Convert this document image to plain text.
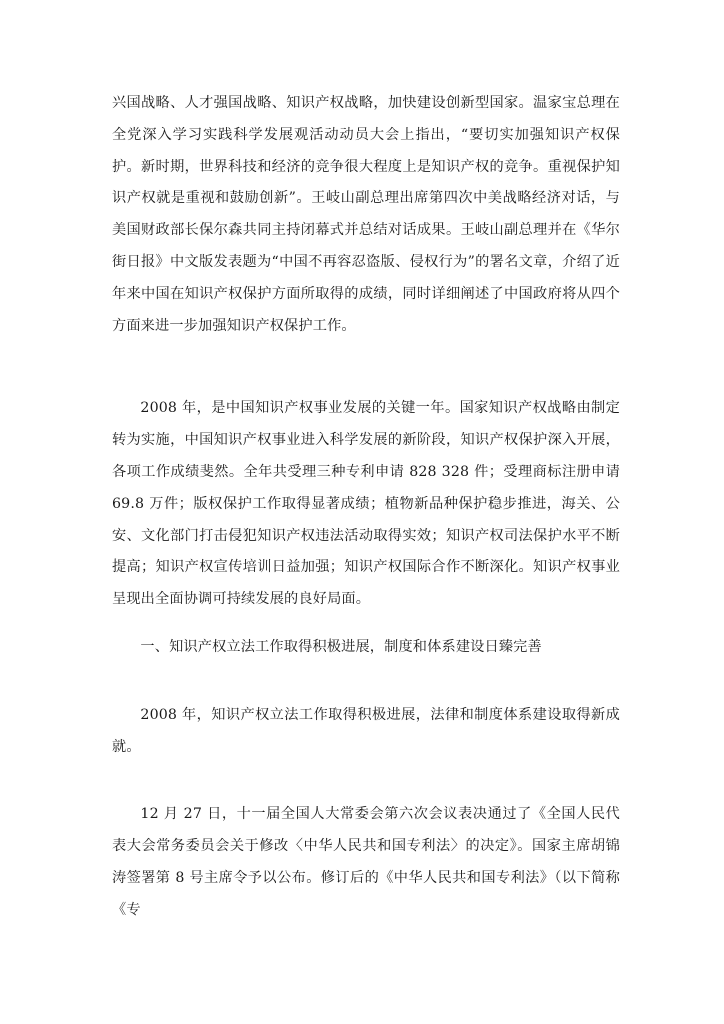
兴国战略、人才强国战略、知识产权战略，加快建设创新型国家。温家宝总理在全党深入学习实践科学发展观活动动员大会上指出，“要切实加强知识产权保护。新时期，世界科技和经济的竞争很大程度上是知识产权的竞争。重视保护知识产权就是重视和鼓励创新”。王岐山副总理出席第四次中美战略经济对话，与美国财政部长保尔森共同主持闭幕式并总结对话成果。王岐山副总理并在《华尔街日报》中文版发表题为“中国不再容忍盗版、侵权行为”的署名文章，介绍了近年来中国在知识产权保护方面所取得的成绩，同时详细阐述了中国政府将从四个方面来进一步加强知识产权保护工作。

2008 年，是中国知识产权事业发展的关键一年。国家知识产权战略由制定转为实施，中国知识产权事业进入科学发展的新阶段，知识产权保护深入开展，各项工作成绩斐然。全年共受理三种专利申请 828 328 件；受理商标注册申请 69.8 万件；版权保护工作取得显著成绩；植物新品种保护稳步推进，海关、公安、文化部门打击侵犯知识产权违法活动取得实效；知识产权司法保护水平不断提高；知识产权宣传培训日益加强；知识产权国际合作不断深化。知识产权事业呈现出全面协调可持续发展的良好局面。

一、知识产权立法工作取得积极进展，制度和体系建设日臻完善

2008 年，知识产权立法工作取得积极进展，法律和制度体系建设取得新成就。

12 月 27 日，十一届全国人大常委会第六次会议表决通过了《全国人民代表大会常务委员会关于修改〈中华人民共和国专利法〉的决定》。国家主席胡锦涛签署第 8 号主席令予以公布。修订后的《中华人民共和国专利法》（以下简称《专
